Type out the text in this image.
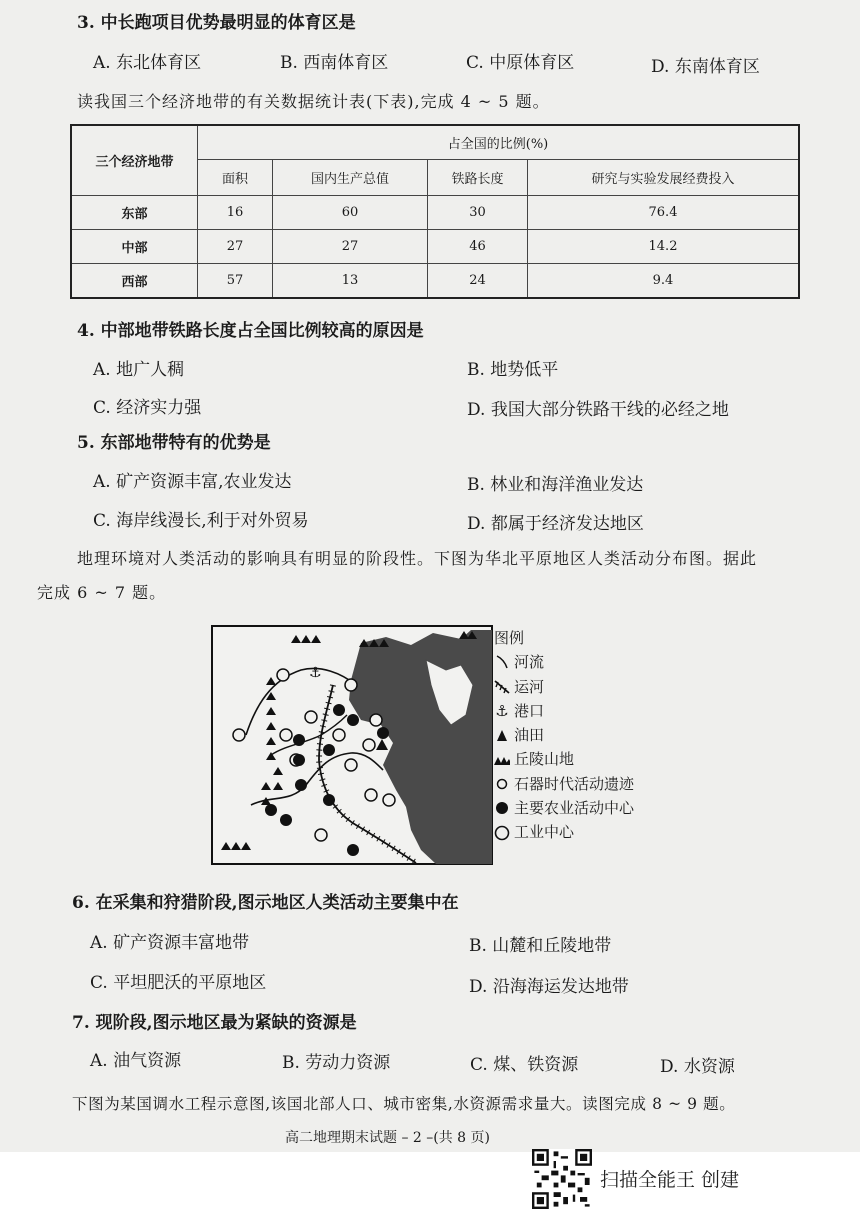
3. 中长跑项目优势最明显的体育区是
A. 东北体育区	B. 西南体育区	C. 中原体育区	D. 东南体育区
读我国三个经济地带的有关数据统计表(下表),完成 4 ~ 5 题。
三个经济地带	占全国的比例(%)			
	面积	国内生产总值	铁路长度	研究与实验发展经费投入
东部	16	60	30	76.4
中部	27	27	46	14.2
西部	57	13	24	9.4
4. 中部地带铁路长度占全国比例较高的原因是
A. 地广人稠	B. 地势低平
C. 经济实力强	D. 我国大部分铁路干线的必经之地
5. 东部地带特有的优势是
A. 矿产资源丰富,农业发达	B. 林业和海洋渔业发达
C. 海岸线漫长,利于对外贸易	D. 都属于经济发达地区
地理环境对人类活动的影响具有明显的阶段性。下图为华北平原地区人类活动分布图。据此
完成 6 ~ 7 题。
⚓
图例
河流
运河
⚓ 港口
油田
丘陵山地
石器时代活动遗迹
主要农业活动中心
工业中心
6. 在采集和狩猎阶段,图示地区人类活动主要集中在
A. 矿产资源丰富地带	B. 山麓和丘陵地带
C. 平坦肥沃的平原地区	D. 沿海海运发达地带
7. 现阶段,图示地区最为紧缺的资源是
A. 油气资源	B. 劳动力资源	C. 煤、铁资源	D. 水资源
下图为某国调水工程示意图,该国北部人口、城市密集,水资源需求量大。读图完成 8 ~ 9 题。
高二地理期末试题 – 2 –(共 8 页)
扫描全能王 创建
